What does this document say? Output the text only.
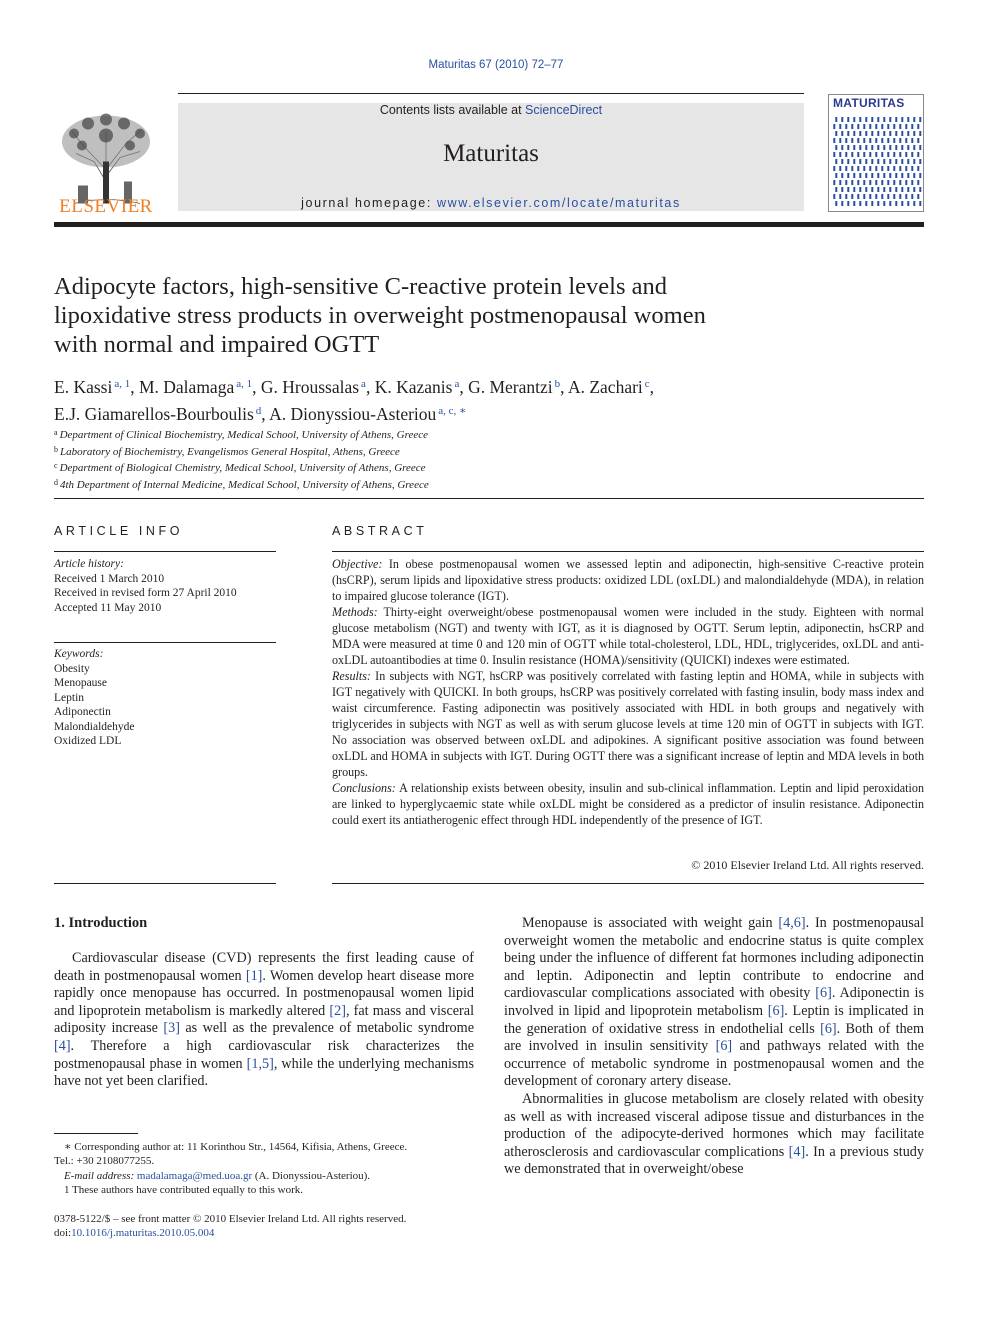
Maturitas 67 (2010) 72–77
ELSEVIER
Contents lists available at ScienceDirect
Maturitas
journal homepage: www.elsevier.com/locate/maturitas
MATURITAS
Adipocyte factors, high-sensitive C-reactive protein levels and lipoxidative stress products in overweight postmenopausal women with normal and impaired OGTT
E. Kassi $^{a, 1}$, M. Dalamaga $^{a, 1}$, G. Hroussalas $^a$, K. Kazanis $^a$, G. Merantzi $^b$, A. Zachari $^c$,
E.J. Giamarellos-Bourboulis $^d$, A. Dionyssiou-Asteriou $^{a, c, ∗}$
$^a$ Department of Clinical Biochemistry, Medical School, University of Athens, Greece
$^b$ Laboratory of Biochemistry, Evangelismos General Hospital, Athens, Greece
$^c$ Department of Biological Chemistry, Medical School, University of Athens, Greece
$^d$ 4th Department of Internal Medicine, Medical School, University of Athens, Greece
ARTICLE INFO
Article history:
Received 1 March 2010
Received in revised form 27 April 2010
Accepted 11 May 2010
Keywords:
Obesity
Menopause
Leptin
Adiponectin
Malondialdehyde
Oxidized LDL
ABSTRACT

Objective: In obese postmenopausal women we assessed leptin and adiponectin, high-sensitive C-reactive protein (hsCRP), serum lipids and lipoxidative stress products: oxidized LDL (oxLDL) and malondialdehyde (MDA), in relation to impaired glucose tolerance (IGT).

Methods: Thirty-eight overweight/obese postmenopausal women were included in the study. Eighteen with normal glucose metabolism (NGT) and twenty with IGT, as it is diagnosed by OGTT. Serum leptin, adiponectin, hsCRP and MDA were measured at time 0 and 120 min of OGTT while total-cholesterol, LDL, HDL, triglycerides, oxLDL and anti-oxLDL autoantibodies at time 0. Insulin resistance (HOMA)/sensitivity (QUICKI) indexes were estimated.

Results: In subjects with NGT, hsCRP was positively correlated with fasting leptin and HOMA, while in subjects with IGT negatively with QUICKI. In both groups, hsCRP was positively correlated with fasting insulin, body mass index and waist circumference. Fasting adiponectin was positively associated with HDL in both groups and negatively with triglycerides in subjects with NGT as well as with serum glucose levels at time 120 min of OGTT in subjects with IGT. No association was observed between oxLDL and adipokines. A significant positive association was found between oxLDL and HOMA in subjects with IGT. During OGTT there was a significant increase of leptin and MDA levels in both groups.

Conclusions: A relationship exists between obesity, insulin and sub-clinical inflammation. Leptin and lipid peroxidation are linked to hyperglycaemic state while oxLDL might be considered as a predictor of insulin resistance. Adiponectin could exert its antiatherogenic effect through HDL independently of the presence of IGT.

© 2010 Elsevier Ireland Ltd. All rights reserved.
1. Introduction

Cardiovascular disease (CVD) represents the first leading cause of death in postmenopausal women [1]. Women develop heart disease more rapidly once menopause has occurred. In postmenopausal women lipid and lipoprotein metabolism is markedly altered [2], fat mass and visceral adiposity increase [3] as well as the prevalence of metabolic syndrome [4]. Therefore a high cardiovascular risk characterizes the postmenopausal phase in women [1,5], while the underlying mechanisms have not yet been clarified.

Menopause is associated with weight gain [4,6]. In postmenopausal overweight women the metabolic and endocrine status is quite complex being under the influence of different fat hormones including adiponectin and leptin. Adiponectin and leptin contribute to endocrine and cardiovascular complications associated with obesity [6]. Adiponectin is involved in lipid and lipoprotein metabolism [6]. Leptin is implicated in the generation of oxidative stress in endothelial cells [6]. Both of them are involved in insulin sensitivity [6] and pathways related with the occurrence of metabolic syndrome in postmenopausal women and the development of coronary artery disease.

Abnormalities in glucose metabolism are closely related with obesity as well as with increased visceral adipose tissue and disturbances in the production of the adipocyte-derived hormones which may facilitate atherosclerosis and cardiovascular complications [4]. In a previous study we demonstrated that in overweight/obese

∗ Corresponding author at: 11 Korinthou Str., 14564, Kifisia, Athens, Greece.
Tel.: +30 2108077255.
E-mail address: madalamaga@med.uoa.gr (A. Dionyssiou-Asteriou).
1 These authors have contributed equally to this work.
0378-5122/$ – see front matter © 2010 Elsevier Ireland Ltd. All rights reserved.
doi:10.1016/j.maturitas.2010.05.004
